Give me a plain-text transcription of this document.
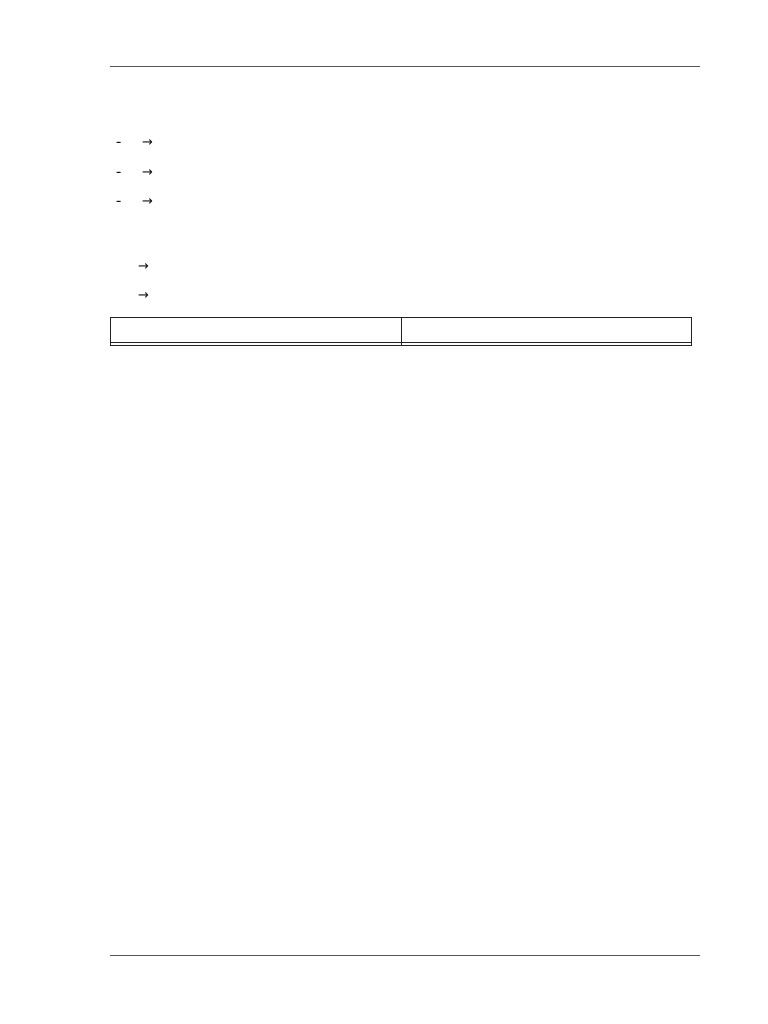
-	→
-	→
-	→

→

→
